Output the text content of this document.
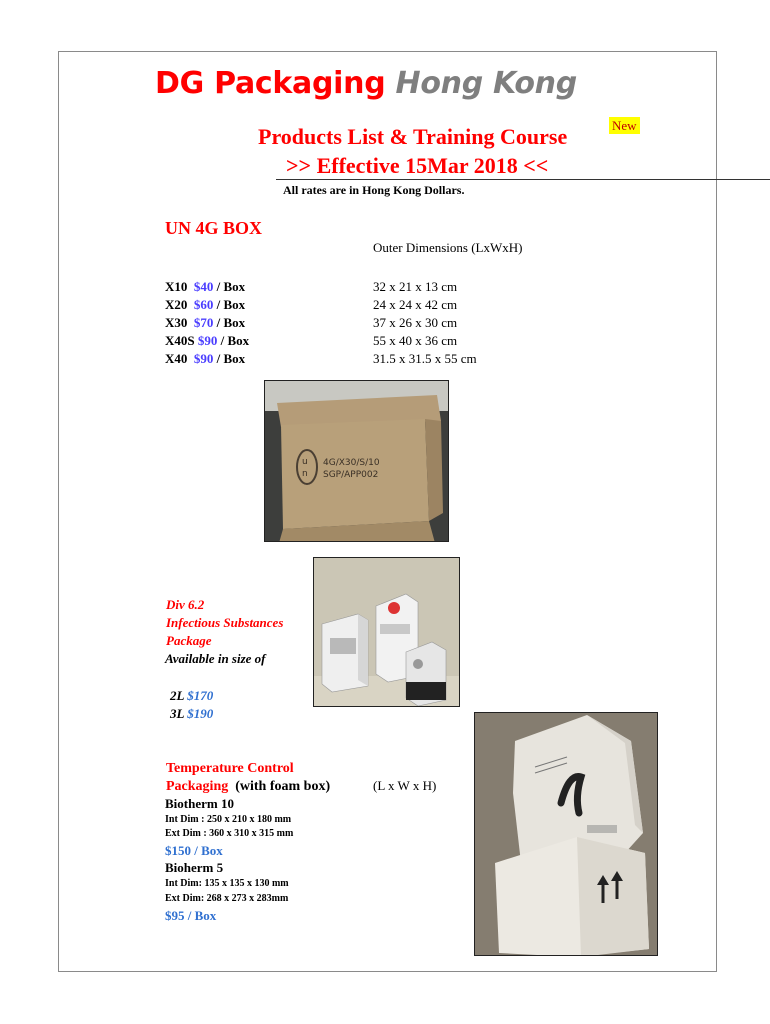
DG Packaging Hong Kong
Products List & Training Course	New
>> Effective 15Mar 2018 <<
All rates are in Hong Kong Dollars.
UN 4G BOX
Outer Dimensions (LxWxH)
X10 $40 / Box
X20 $60 / Box
X30 $70 / Box
X40S $90 / Box
X40 $90 / Box
32 x 21 x 13 cm
24 x 24 x 42 cm
37 x 26 x 30 cm
55 x 40 x 36 cm
31.5 x 31.5 x 55 cm
u
n
4G/X30/S/10
SGP/APP002
Div 6.2
Infectious Substances
Package
Available in size of
2L $170
3L $190
Temperature Control
Packaging (with foam box)	(L x W x H)
Biotherm 10
Int Dim : 250 x 210 x 180 mm
Ext Dim : 360 x 310 x 315 mm
$150 / Box
Bioherm 5
Int Dim: 135 x 135 x 130 mm
Ext Dim: 268 x 273 x 283mm
$95 / Box
